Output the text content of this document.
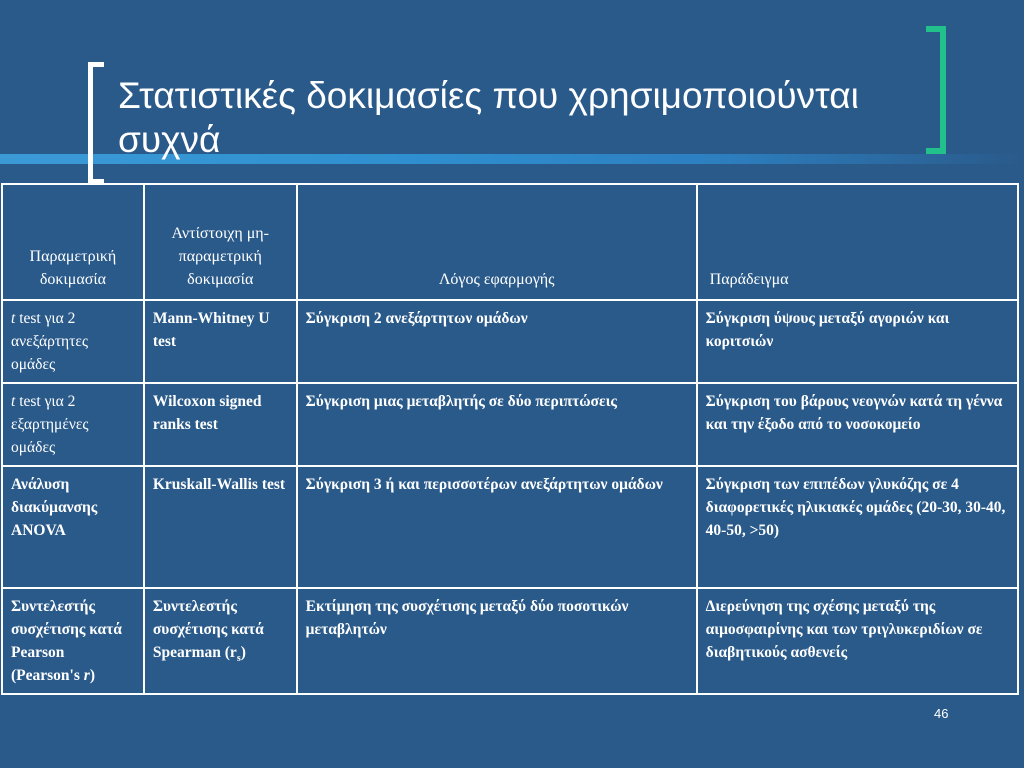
Στατιστικές δοκιμασίες που χρησιμοποιούνται συχνά
Παραμετρική δοκιμασία	Αντίστοιχη μη-παραμετρική δοκιμασία	Λόγος εφαρμογής	Παράδειγμα
t test για 2 ανεξάρτητες ομάδες	Mann-Whitney U test	Σύγκριση 2 ανεξάρτητων ομάδων	Σύγκριση ύψους μεταξύ αγοριών και κοριτσιών
t test για 2 εξαρτημένες ομάδες	Wilcoxon signed ranks test	Σύγκριση μιας μεταβλητής σε δύο περιπτώσεις	Σύγκριση του βάρους νεογνών κατά τη γέννα και την έξοδο από το νοσοκομείο
Ανάλυση διακύμανσης ANOVA	Kruskall-Wallis test	Σύγκριση 3 ή και περισσοτέρων ανεξάρτητων ομάδων	Σύγκριση των επιπέδων γλυκόζης σε 4 διαφορετικές ηλικιακές ομάδες (20-30, 30-40, 40-50, >50)
Συντελεστής συσχέτισης κατά Pearson (Pearson's r)	Συντελεστής συσχέτισης κατά Spearman $(r_s)$	Εκτίμηση της συσχέτισης μεταξύ δύο ποσοτικών μεταβλητών	Διερεύνηση της σχέσης μεταξύ της αιμοσφαιρίνης και των τριγλυκεριδίων σε διαβητικούς ασθενείς
46
